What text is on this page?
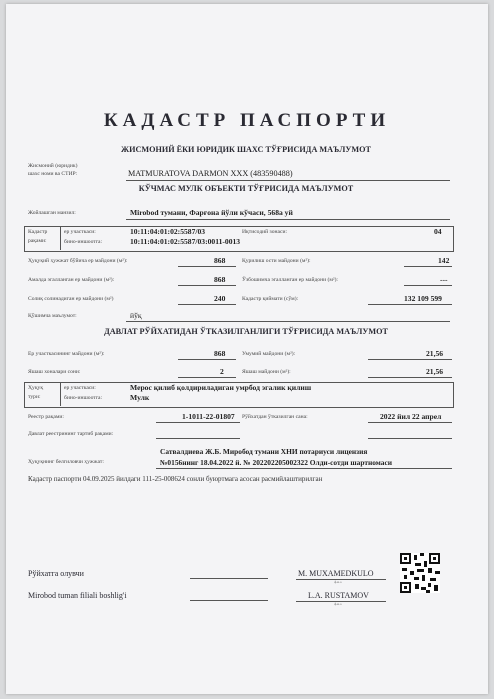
КАДАСТР ПАСПОРТИ
ЖИСМОНИЙ ЁКИ ЮРИДИК ШАХС ТЎҒРИСИДА МАЪЛУМОТ
Жисмоний (юридик)
шахс номи ва СТИР:	MATMURATOVA DARMON XXX (483590488)
КЎЧМАС МУЛК ОБЪЕКТИ ТЎҒРИСИДА МАЪЛУМОТ
Жойлашган манзил:	Mirobod тумани, Фарғона йўли кўчаси, 568а уй
Кадастр
рақами:
ер участкаси:	10:11:04:01:02:5587/03
бино-иншоотга:	10:11:04:01:02:5587/03:0011-0013
Иқтисодий зонаси:	04
Ҳуқуқий ҳужжат бўйича ер майдони (м²):	868	Қурилиш ости майдони (м²):	142
Амалда эгалланган ер майдони (м²):	868	Ўзбошимча эгалланган ер майдони (м²):	---
Солиқ солинадиган ер майдони (м²)	240	Кадастр қиймати (сўм):	132 109 599
Қўшимча маълумот:	йўқ
ДАВЛАТ РЎЙХАТИДАН ЎТКАЗИЛГАНЛИГИ ТЎҒРИСИДА МАЪЛУМОТ
Ер участкасининг майдони (м²):	868	Умумий майдони (м²):	21,56
Яшаш хоналари сони:	2	Яшаш майдони (м²):	21,56
Ҳуқуқ
тури:
ер участкаси:	Мерос қилиб қолдириладиган умрбод эгалик қилиш
бино-иншоотга:	Мулк
Реестр рақами:	1-1011-22-01807 Рўйхатдан ўтказилган сана:	2022 йил 22 апрел
Давлат реестрининг тартиб рақами:
Ҳуқуқнинг белгиловчи ҳужжат:
Сатвалдиева Ж.Б. Миробод тумани ХНИ потариуси лицензия
№0156нинг 18.04.2022 й. № 202202205002322 Олди-сотди шартномаси
Кадастр паспорти 04.09.2025 йилдаги 111-25-008624 сонли буюртмага асосан расмийлаштирилган
Рўйхатга олувчи	M. MUXAMEDKULO
ф.и.о
Mirobod tuman filiali boshlig'i	L.A. RUSTAMOV
ф.и.о
